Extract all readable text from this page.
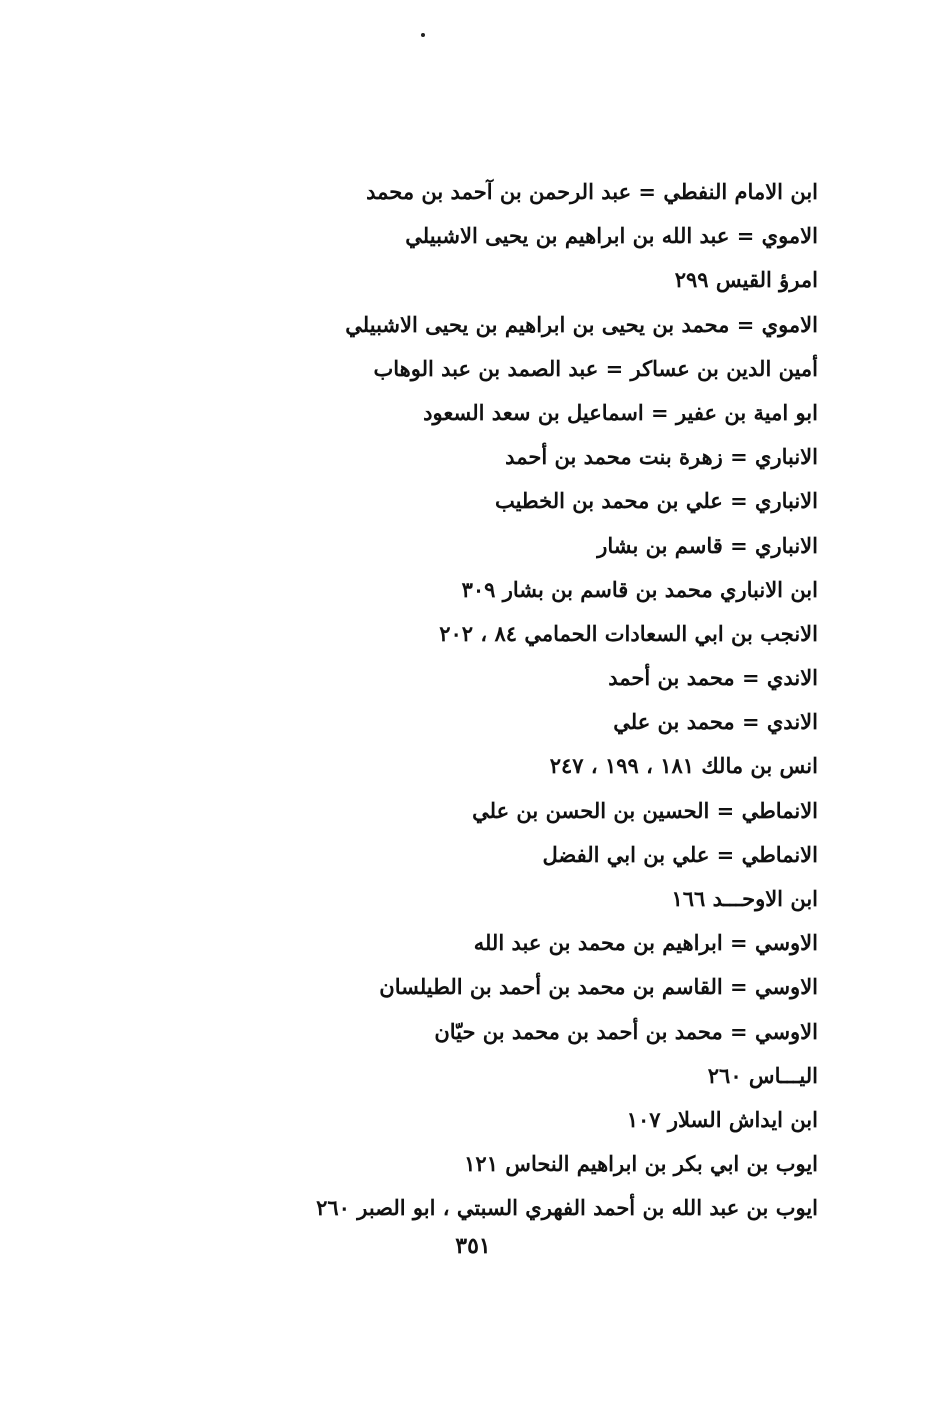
ابن الامام النفطي = عبد الرحمن بن آحمد بن محمد
الاموي = عبد الله بن ابراهيم بن يحيى الاشبيلي
امرؤ القيس ٢٩٩
الاموي = محمد بن يحيى بن ابراهيم بن يحيى الاشبيلي
أمين الدين بن عساكر = عبد الصمد بن عبد الوهاب
ابو امية بن عفير = اسماعيل بن سعد السعود
الانباري = زهرة بنت محمد بن أحمد
الانباري = علي بن محمد بن الخطيب
الانباري = قاسم بن بشار
ابن الانباري محمد بن قاسم بن بشار ٣٠٩
الانجب بن ابي السعادات الحمامي ٨٤ ، ٢٠٢
الاندي = محمد بن أحمد
الاندي = محمد بن علي
انس بن مالك ١٨١ ، ١٩٩ ، ٢٤٧
الانماطي = الحسين بن الحسن بن علي
الانماطي = علي بن ابي الفضل
ابن الاوحـــد ١٦٦
الاوسي = ابراهيم بن محمد بن عبد الله
الاوسي = القاسم بن محمد بن أحمد بن الطيلسان
الاوسي = محمد بن أحمد بن محمد بن حيّان
اليـــاس ٢٦٠
ابن ايداش السلار ١٠٧
ايوب بن ابي بكر بن ابراهيم النحاس ١٢١
ايوب بن عبد الله بن أحمد الفهري السبتي ، ابو الصبر ٢٦٠
٣٥١
